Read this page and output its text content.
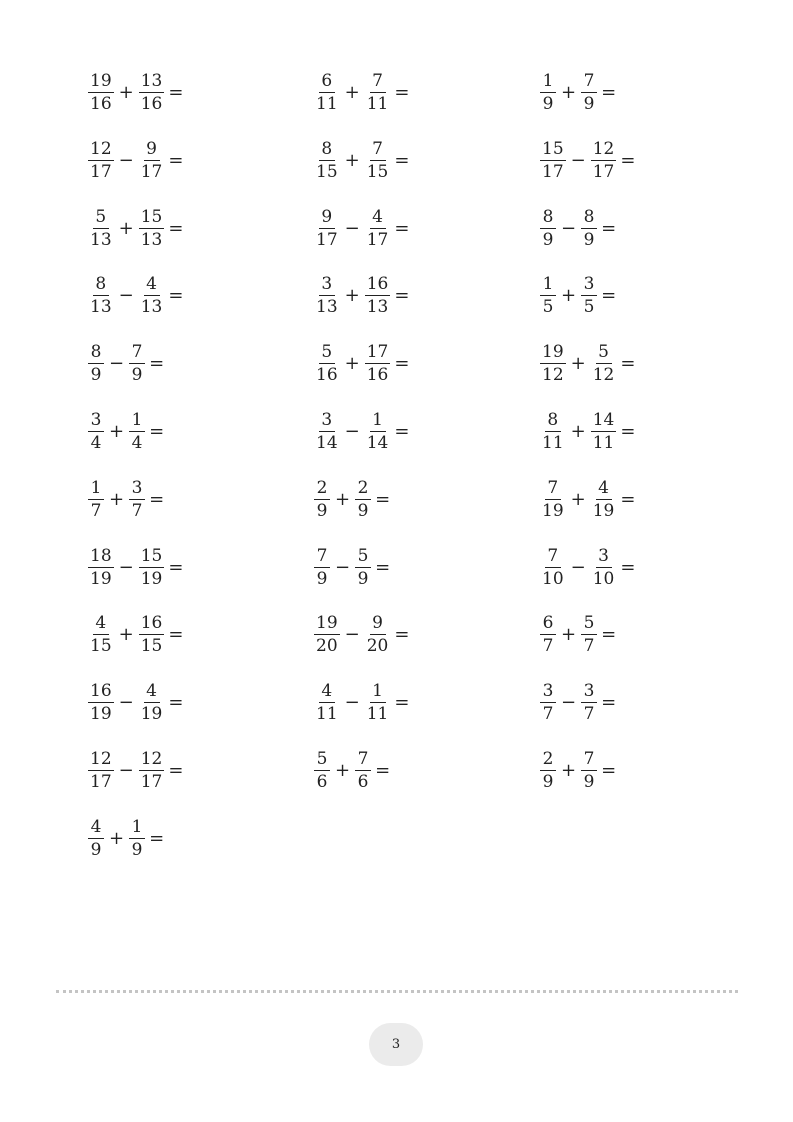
$\frac{19}{16} + \frac{13}{16}$ =	$\frac{6}{11} + \frac{7}{11}$ =	$\frac{1}{9} + \frac{7}{9}$ =
$\frac{12}{17} - \frac{9}{17}$ =	$\frac{8}{15} + \frac{7}{15}$ =	$\frac{15}{17} - \frac{12}{17}$ =
$\frac{5}{13} + \frac{15}{13}$ =	$\frac{9}{17} - \frac{4}{17}$ =	$\frac{8}{9} - \frac{8}{9}$ =
$\frac{8}{13} - \frac{4}{13}$ =	$\frac{3}{13} + \frac{16}{13}$ =	$\frac{1}{5} + \frac{3}{5}$ =
$\frac{8}{9} - \frac{7}{9}$ =	$\frac{5}{16} + \frac{17}{16}$ =	$\frac{19}{12} + \frac{5}{12}$ =
$\frac{3}{4} + \frac{1}{4}$ =	$\frac{3}{14} - \frac{1}{14}$ =	$\frac{8}{11} + \frac{14}{11}$ =
$\frac{1}{7} + \frac{3}{7}$ =	$\frac{2}{9} + \frac{2}{9}$ =	$\frac{7}{19} + \frac{4}{19}$ =
$\frac{18}{19} - \frac{15}{19}$ =	$\frac{7}{9} - \frac{5}{9}$ =	$\frac{7}{10} - \frac{3}{10}$ =
$\frac{4}{15} + \frac{16}{15}$ =	$\frac{19}{20} - \frac{9}{20}$ =	$\frac{6}{7} + \frac{5}{7}$ =
$\frac{16}{19} - \frac{4}{19}$ =	$\frac{4}{11} - \frac{1}{11}$ =	$\frac{3}{7} - \frac{3}{7}$ =
$\frac{12}{17} - \frac{12}{17}$ =	$\frac{5}{6} + \frac{7}{6}$ =	$\frac{2}{9} + \frac{7}{9}$ =
$\frac{4}{9} + \frac{1}{9}$ =
3
